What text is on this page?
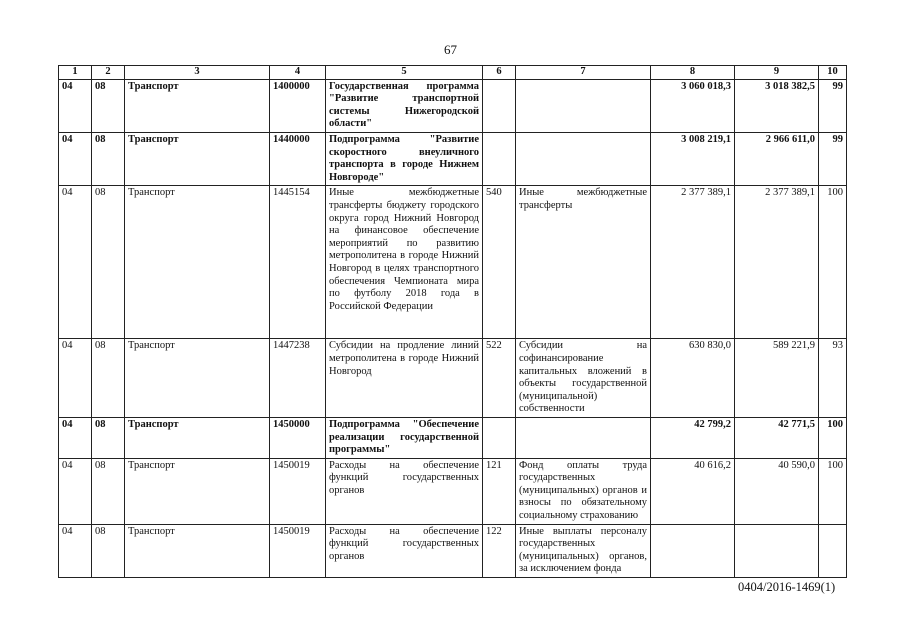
67
1	2	3	4	5	6	7	8	9	10
04	08	Транспорт	1400000	Государственная программа "Развитие транспортной системы Нижегородской области"			3 060 018,3	3 018 382,5	99
04	08	Транспорт	1440000	Подпрограмма "Развитие скоростного внеуличного транспорта в городе Нижнем Новгороде"			3 008 219,1	2 966 611,0	99
04	08	Транспорт	1445154	Иные межбюджетные трансферты бюджету городского округа город Нижний Новгород на финансовое обеспечение мероприятий по развитию метрополитена в городе Нижний Новгород в целях транспортного обеспечения Чемпионата мира по футболу 2018 года в Российской Федерации	540	Иные межбюджетные трансферты	2 377 389,1	2 377 389,1	100
04	08	Транспорт	1447238	Субсидии на продление линий метрополитена в городе Нижний Новгород	522	Субсидии на софинансирование капитальных вложений в объекты государственной (муниципальной) собственности	630 830,0	589 221,9	93
04	08	Транспорт	1450000	Подпрограмма "Обеспечение реализации государственной программы"			42 799,2	42 771,5	100
04	08	Транспорт	1450019	Расходы на обеспечение функций государственных органов	121	Фонд оплаты труда государственных (муниципальных) органов и взносы по обязательному социальному страхованию	40 616,2	40 590,0	100
04	08	Транспорт	1450019	Расходы на обеспечение функций государственных органов	122	Иные выплаты персоналу государственных (муниципальных) органов, за исключением фонда			
0404/2016-1469(1)
